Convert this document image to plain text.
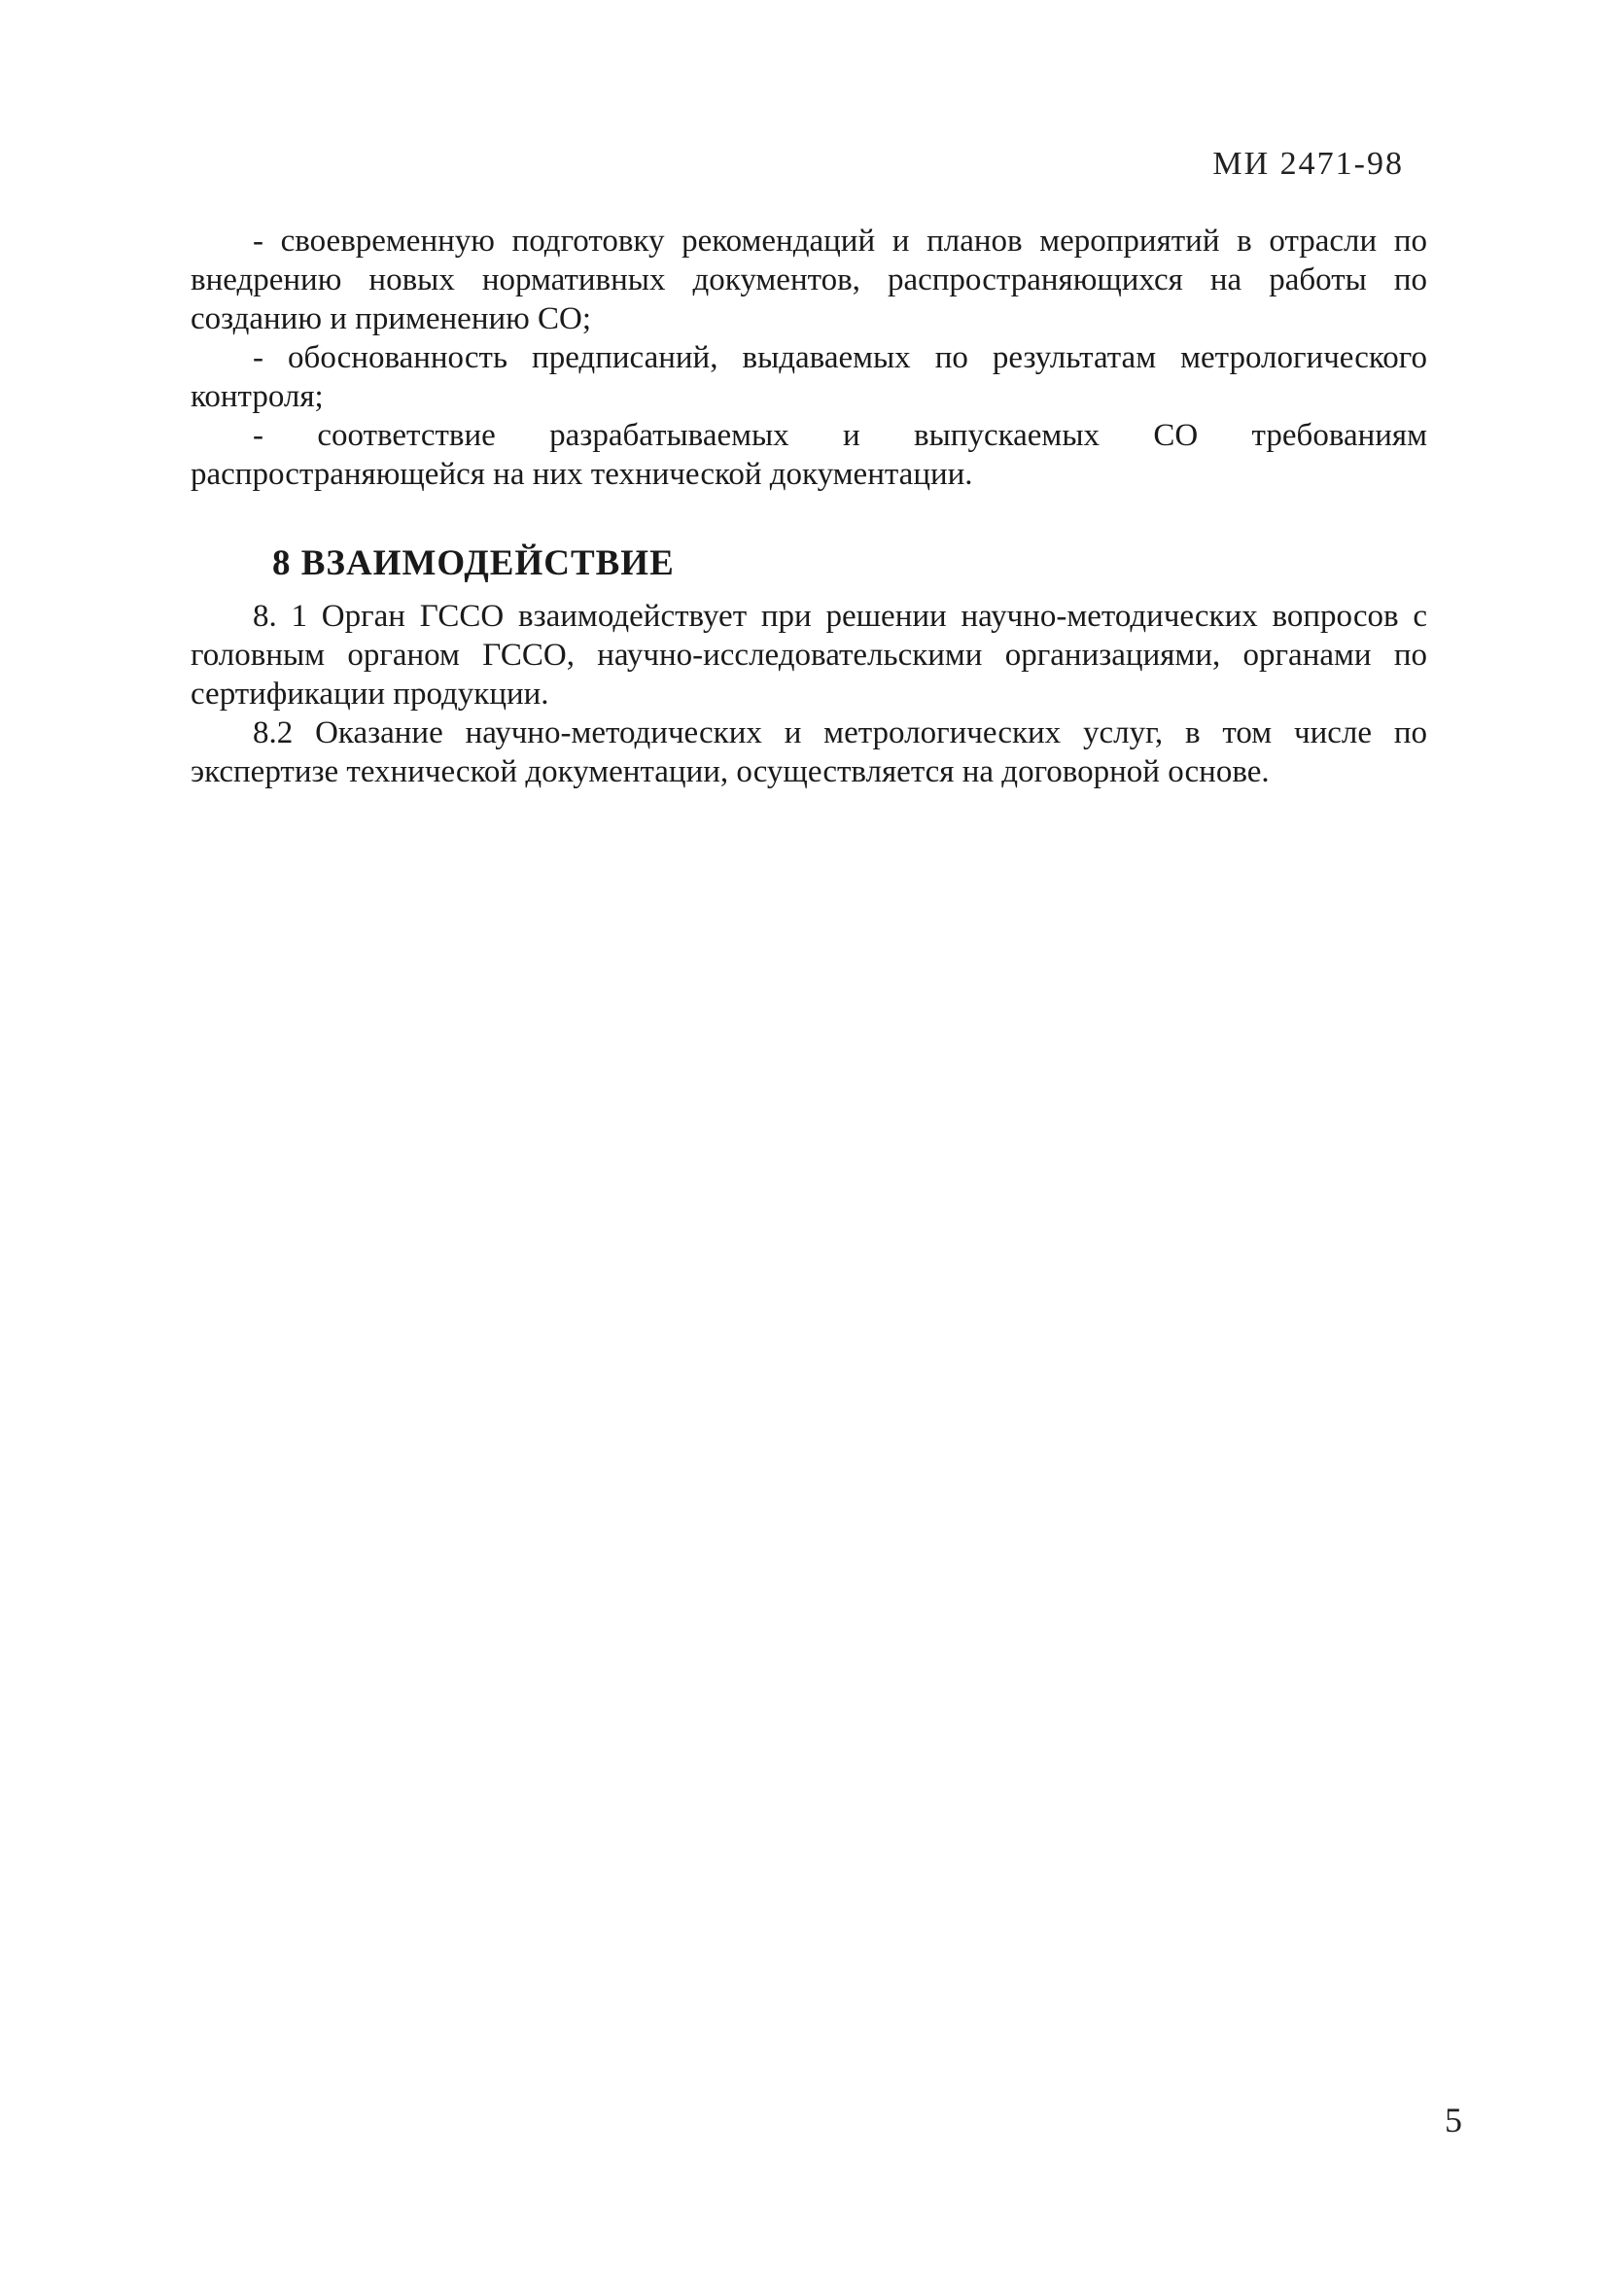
МИ 2471-98

- своевременную подготовку рекомендаций и планов мероприятий в отрасли по внедрению новых нормативных документов, распространяющихся на работы по созданию и применению СО;

- обоснованность предписаний, выдаваемых по результатам метрологического контроля;

- соответствие разрабатываемых и выпускаемых СО требованиям распространяющейся на них технической документации.

8 ВЗАИМОДЕЙСТВИЕ

8. 1 Орган ГССО взаимодействует при решении научно-методических вопросов с головным органом ГССО, научно-исследовательскими организациями, органами по сертификации продукции.

8.2 Оказание научно-методических и метрологических услуг, в том числе по экспертизе технической документации, осуществляется на договорной основе.

5
